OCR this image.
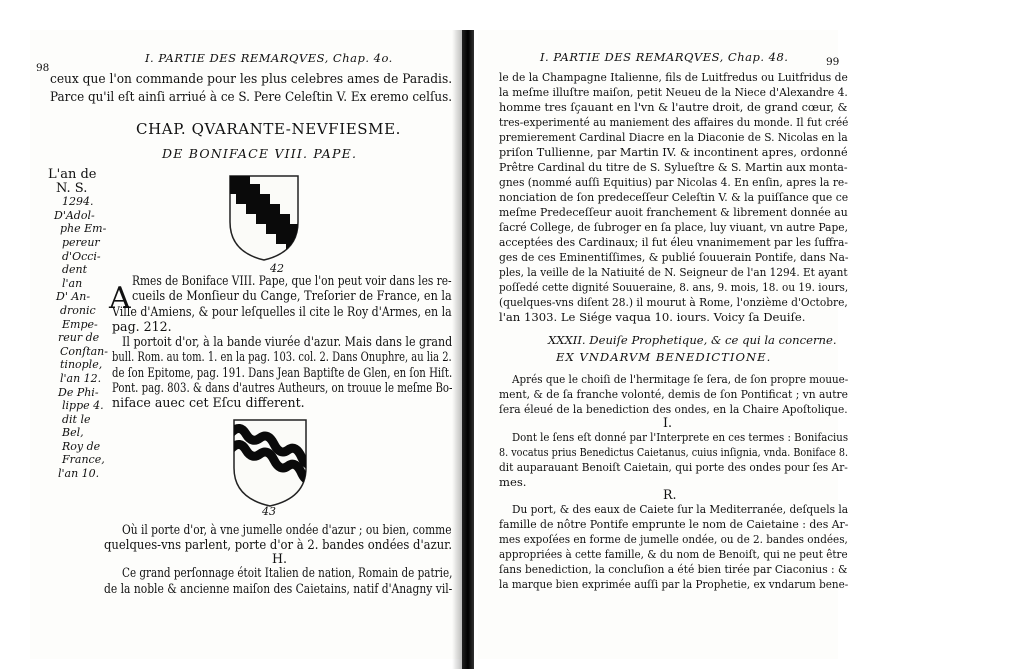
98
I. PARTIE DES REMARQVES, Chap. 4o.
ceux que l'on commande pour les plus celebres ames de Paradis.
Parce qu'il eſt ainſi arriué à ce S. Pere Celeſtin V. Ex eremo celſus.
CHAP. QVARANTE-NEVFIESME.
DE BONIFACE VIII. PAPE.
L'an de
N. S.
1294.
D'Adol-
phe Em-
pereur
d'Occi-
dent
l'an
D' An-
dronic
Empe-
reur de
Conſtan-
tinople,
l'an 12.
De Phi-
lippe 4.
dit le
Bel,
Roy de
France,
l'an 10.
42
A
Rmes de Boniface VIII. Pape, que l'on peut voir dans les re-
cueils de Monſieur du Cange, Treſorier de France, en la
Ville d'Amiens, & pour leſquelles il cite le Roy d'Armes, en la
pag. 212.
Il portoit d'or, à la bande viurée d'azur. Mais dans le grand
bull. Rom. au tom. 1. en la pag. 103. col. 2. Dans Onuphre, au lia 2.
de ſon Epitome, pag. 191. Dans Jean Baptiſte de Glen, en ſon Hiſt.
Pont. pag. 803. & dans d'autres Autheurs, on trouue le meſme Bo-
niface auec cet Eſcu different.
43
Où il porte d'or, à vne jumelle ondée d'azur ; ou bien, comme
quelques-vns parlent, porte d'or à 2. bandes ondées d'azur.
H.
Ce grand perſonnage étoit Italien de nation, Romain de patrie,
de la noble & ancienne maiſon des Caietains, natif d'Anagny vil-
I. PARTIE DES REMARQVES, Chap. 48.	99
le de la Champagne Italienne, fils de Luitfredus ou Luitfridus de
la meſme illuſtre maiſon, petit Neueu de la Niece d'Alexandre 4.
homme tres ſçauant en l'vn & l'autre droit, de grand cœur, &
tres-experimenté au maniement des affaires du monde. Il fut créé
premierement Cardinal Diacre en la Diaconie de S. Nicolas en la
priſon Tullienne, par Martin IV. & incontinent apres, ordonné
Prêtre Cardinal du titre de S. Sylueſtre & S. Martin aux monta-
gnes (nommé auſſi Equitius) par Nicolas 4. En enſin, apres la re-
nonciation de ſon predeceſſeur Celeſtin V. & la puiſſance que ce
meſme Predeceſſeur auoit franchement & librement donnée au
ſacré College, de ſubroger en ſa place, luy viuant, vn autre Pape,
acceptées des Cardinaux; il fut éleu vnanimement par les ſuffra-
ges de ces Eminentiſſimes, & publié ſouuerain Pontife, dans Na-
ples, la veille de la Natiuité de N. Seigneur de l'an 1294. Et ayant
poſſedé cette dignité Souueraine, 8. ans, 9. mois, 18. ou 19. iours,
(quelques-vns diſent 28.) il mourut à Rome, l'onzième d'Octobre,
l'an 1303. Le Siége vaqua 10. iours. Voicy ſa Deuiſe.
XXXII. Deuiſe Prophetique, & ce qui la concerne.
EX VNDARVM BENEDICTIONE.
Aprés que le choiſi de l'hermitage ſe ſera, de ſon propre mouue-
ment, & de ſa franche volonté, demis de ſon Pontificat ; vn autre
ſera éleué de la benediction des ondes, en la Chaire Apoſtolique.
I.
Dont le ſens eſt donné par l'Interprete en ces termes : Bonifacius
8. vocatus prius Benedictus Caietanus, cuius inſignia, vnda. Boniface 8.
dit auparauant Benoiſt Caietain, qui porte des ondes pour ſes Ar-
mes.
R.
Du port, & des eaux de Caiete ſur la Mediterranée, deſquels la
famille de nôtre Pontife emprunte le nom de Caietaine : des Ar-
mes expoſées en forme de jumelle ondée, ou de 2. bandes ondées,
appropriées à cette famille, & du nom de Benoiſt, qui ne peut être
ſans benediction, la concluſion a été bien tirée par Ciaconius : &
la marque bien exprimée auſſi par la Prophetie, ex vndarum bene-
